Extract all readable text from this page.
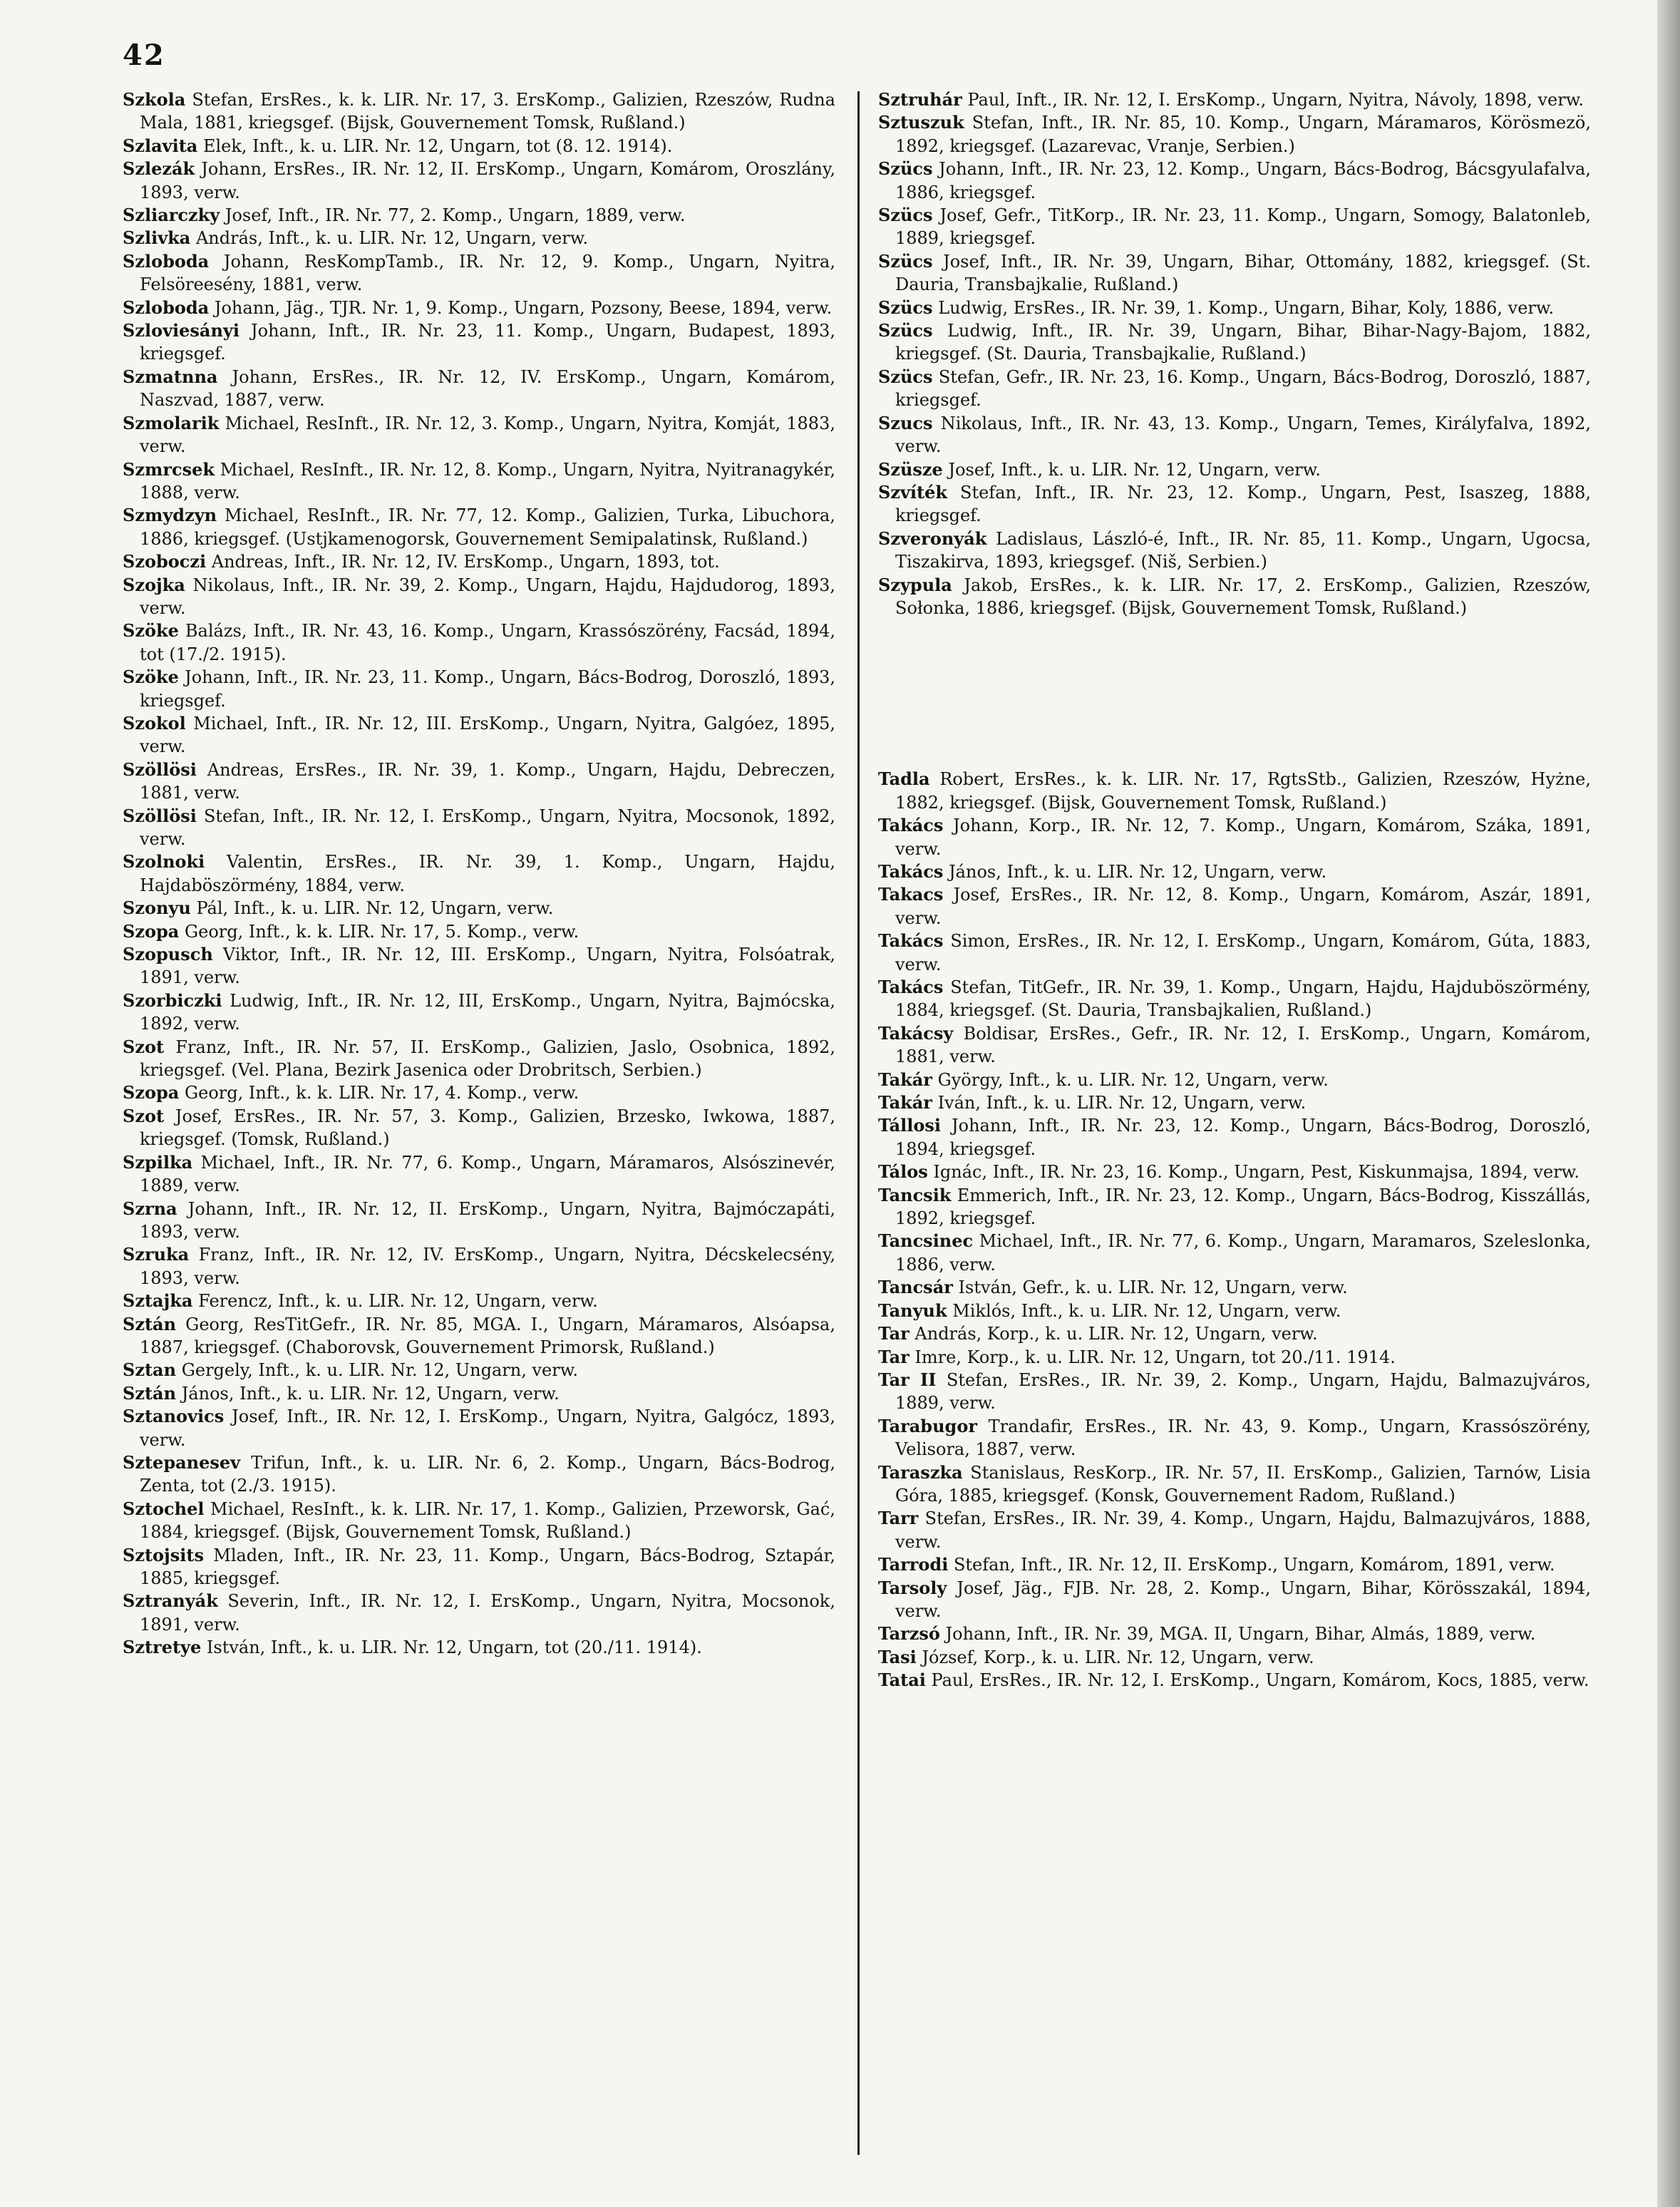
42
Szkola Stefan, ErsRes., k. k. LIR. Nr. 17, 3. ErsKomp., Galizien, Rzeszów, Rudna Mala, 1881, kriegsgef. (Bijsk, Gouvernement Tomsk, Rußland.)
Szlavita Elek, Inft., k. u. LIR. Nr. 12, Ungarn, tot (8. 12. 1914).
Szlezák Johann, ErsRes., IR. Nr. 12, II. ErsKomp., Ungarn, Komárom, Oroszlány, 1893, verw.
Szliarczky Josef, Inft., IR. Nr. 77, 2. Komp., Ungarn, 1889, verw.
Szlivka András, Inft., k. u. LIR. Nr. 12, Ungarn, verw.
Szloboda Johann, ResKompTamb., IR. Nr. 12, 9. Komp., Ungarn, Nyitra, Felsöreesény, 1881, verw.
Szloboda Johann, Jäg., TJR. Nr. 1, 9. Komp., Ungarn, Pozsony, Beese, 1894, verw.
Szloviesányi Johann, Inft., IR. Nr. 23, 11. Komp., Ungarn, Budapest, 1893, kriegsgef.
Szmatnna Johann, ErsRes., IR. Nr. 12, IV. ErsKomp., Ungarn, Komárom, Naszvad, 1887, verw.
Szmolarik Michael, ResInft., IR. Nr. 12, 3. Komp., Ungarn, Nyitra, Komját, 1883, verw.
Szmrcsek Michael, ResInft., IR. Nr. 12, 8. Komp., Ungarn, Nyitra, Nyitranagykér, 1888, verw.
Szmydzyn Michael, ResInft., IR. Nr. 77, 12. Komp., Galizien, Turka, Libuchora, 1886, kriegsgef. (Ustjkamenogorsk, Gouvernement Semipalatinsk, Rußland.)
Szoboczi Andreas, Inft., IR. Nr. 12, IV. ErsKomp., Ungarn, 1893, tot.
Szojka Nikolaus, Inft., IR. Nr. 39, 2. Komp., Ungarn, Hajdu, Hajdudorog, 1893, verw.
Szöke Balázs, Inft., IR. Nr. 43, 16. Komp., Ungarn, Krassószörény, Facsád, 1894, tot (17./2. 1915).
Szöke Johann, Inft., IR. Nr. 23, 11. Komp., Ungarn, Bács-Bodrog, Doroszló, 1893, kriegsgef.
Szokol Michael, Inft., IR. Nr. 12, III. ErsKomp., Ungarn, Nyitra, Galgóez, 1895, verw.
Szöllösi Andreas, ErsRes., IR. Nr. 39, 1. Komp., Ungarn, Hajdu, Debreczen, 1881, verw.
Szöllösi Stefan, Inft., IR. Nr. 12, I. ErsKomp., Ungarn, Nyitra, Mocsonok, 1892, verw.
Szolnoki Valentin, ErsRes., IR. Nr. 39, 1. Komp., Ungarn, Hajdu, Hajdaböszörmény, 1884, verw.
Szonyu Pál, Inft., k. u. LIR. Nr. 12, Ungarn, verw.
Szopa Georg, Inft., k. k. LIR. Nr. 17, 5. Komp., verw.
Szopusch Viktor, Inft., IR. Nr. 12, III. ErsKomp., Ungarn, Nyitra, Folsóatrak, 1891, verw.
Szorbiczki Ludwig, Inft., IR. Nr. 12, III, ErsKomp., Ungarn, Nyitra, Bajmócska, 1892, verw.
Szot Franz, Inft., IR. Nr. 57, II. ErsKomp., Galizien, Jaslo, Osobnica, 1892, kriegsgef. (Vel. Plana, Bezirk Jasenica oder Drobritsch, Serbien.)
Szopa Georg, Inft., k. k. LIR. Nr. 17, 4. Komp., verw.
Szot Josef, ErsRes., IR. Nr. 57, 3. Komp., Galizien, Brzesko, Iwkowa, 1887, kriegsgef. (Tomsk, Rußland.)
Szpilka Michael, Inft., IR. Nr. 77, 6. Komp., Ungarn, Máramaros, Alsószinevér, 1889, verw.
Szrna Johann, Inft., IR. Nr. 12, II. ErsKomp., Ungarn, Nyitra, Bajmóczapáti, 1893, verw.
Szruka Franz, Inft., IR. Nr. 12, IV. ErsKomp., Ungarn, Nyitra, Décskelecsény, 1893, verw.
Sztajka Ferencz, Inft., k. u. LIR. Nr. 12, Ungarn, verw.
Sztán Georg, ResTitGefr., IR. Nr. 85, MGA. I., Ungarn, Máramaros, Alsóapsa, 1887, kriegsgef. (Chaborovsk, Gouvernement Primorsk, Rußland.)
Sztan Gergely, Inft., k. u. LIR. Nr. 12, Ungarn, verw.
Sztán János, Inft., k. u. LIR. Nr. 12, Ungarn, verw.
Sztanovics Josef, Inft., IR. Nr. 12, I. ErsKomp., Ungarn, Nyitra, Galgócz, 1893, verw.
Sztepanesev Trifun, Inft., k. u. LIR. Nr. 6, 2. Komp., Ungarn, Bács-Bodrog, Zenta, tot (2./3. 1915).
Sztochel Michael, ResInft., k. k. LIR. Nr. 17, 1. Komp., Galizien, Przeworsk, Gać, 1884, kriegsgef. (Bijsk, Gouvernement Tomsk, Rußland.)
Sztojsits Mladen, Inft., IR. Nr. 23, 11. Komp., Ungarn, Bács-Bodrog, Sztapár, 1885, kriegsgef.
Sztranyák Severin, Inft., IR. Nr. 12, I. ErsKomp., Ungarn, Nyitra, Mocsonok, 1891, verw.
Sztretye István, Inft., k. u. LIR. Nr. 12, Ungarn, tot (20./11. 1914).
Sztruhár Paul, Inft., IR. Nr. 12, I. ErsKomp., Ungarn, Nyitra, Návoly, 1898, verw.
Sztuszuk Stefan, Inft., IR. Nr. 85, 10. Komp., Ungarn, Máramaros, Körösmezö, 1892, kriegsgef. (Lazarevac, Vranje, Serbien.)
Szücs Johann, Inft., IR. Nr. 23, 12. Komp., Ungarn, Bács-Bodrog, Bácsgyulafalva, 1886, kriegsgef.
Szücs Josef, Gefr., TitKorp., IR. Nr. 23, 11. Komp., Ungarn, Somogy, Balatonleb, 1889, kriegsgef.
Szücs Josef, Inft., IR. Nr. 39, Ungarn, Bihar, Ottomány, 1882, kriegsgef. (St. Dauria, Transbajkalie, Rußland.)
Szücs Ludwig, ErsRes., IR. Nr. 39, 1. Komp., Ungarn, Bihar, Koly, 1886, verw.
Szücs Ludwig, Inft., IR. Nr. 39, Ungarn, Bihar, Bihar-Nagy-Bajom, 1882, kriegsgef. (St. Dauria, Transbajkalie, Rußland.)
Szücs Stefan, Gefr., IR. Nr. 23, 16. Komp., Ungarn, Bács-Bodrog, Doroszló, 1887, kriegsgef.
Szucs Nikolaus, Inft., IR. Nr. 43, 13. Komp., Ungarn, Temes, Királyfalva, 1892, verw.
Szüsze Josef, Inft., k. u. LIR. Nr. 12, Ungarn, verw.
Szvíték Stefan, Inft., IR. Nr. 23, 12. Komp., Ungarn, Pest, Isaszeg, 1888, kriegsgef.
Szveronyák Ladislaus, László-é, Inft., IR. Nr. 85, 11. Komp., Ungarn, Ugocsa, Tiszakirva, 1893, kriegsgef. (Niš, Serbien.)
Szypula Jakob, ErsRes., k. k. LIR. Nr. 17, 2. ErsKomp., Galizien, Rzeszów, Sołonka, 1886, kriegsgef. (Bijsk, Gouvernement Tomsk, Rußland.)
Tadla Robert, ErsRes., k. k. LIR. Nr. 17, RgtsStb., Galizien, Rzeszów, Hyżne, 1882, kriegsgef. (Bijsk, Gouvernement Tomsk, Rußland.)
Takács Johann, Korp., IR. Nr. 12, 7. Komp., Ungarn, Komárom, Száka, 1891, verw.
Takács János, Inft., k. u. LIR. Nr. 12, Ungarn, verw.
Takacs Josef, ErsRes., IR. Nr. 12, 8. Komp., Ungarn, Komárom, Aszár, 1891, verw.
Takács Simon, ErsRes., IR. Nr. 12, I. ErsKomp., Ungarn, Komárom, Gúta, 1883, verw.
Takács Stefan, TitGefr., IR. Nr. 39, 1. Komp., Ungarn, Hajdu, Hajduböszörmény, 1884, kriegsgef. (St. Dauria, Transbajkalien, Rußland.)
Takácsy Boldisar, ErsRes., Gefr., IR. Nr. 12, I. ErsKomp., Ungarn, Komárom, 1881, verw.
Takár György, Inft., k. u. LIR. Nr. 12, Ungarn, verw.
Takár Iván, Inft., k. u. LIR. Nr. 12, Ungarn, verw.
Tállosi Johann, Inft., IR. Nr. 23, 12. Komp., Ungarn, Bács-Bodrog, Doroszló, 1894, kriegsgef.
Tálos Ignác, Inft., IR. Nr. 23, 16. Komp., Ungarn, Pest, Kiskunmajsa, 1894, verw.
Tancsik Emmerich, Inft., IR. Nr. 23, 12. Komp., Ungarn, Bács-Bodrog, Kisszállás, 1892, kriegsgef.
Tancsinec Michael, Inft., IR. Nr. 77, 6. Komp., Ungarn, Maramaros, Szeleslonka, 1886, verw.
Tancsár István, Gefr., k. u. LIR. Nr. 12, Ungarn, verw.
Tanyuk Miklós, Inft., k. u. LIR. Nr. 12, Ungarn, verw.
Tar András, Korp., k. u. LIR. Nr. 12, Ungarn, verw.
Tar Imre, Korp., k. u. LIR. Nr. 12, Ungarn, tot 20./11. 1914.
Tar II Stefan, ErsRes., IR. Nr. 39, 2. Komp., Ungarn, Hajdu, Balmazujváros, 1889, verw.
Tarabugor Trandafir, ErsRes., IR. Nr. 43, 9. Komp., Ungarn, Krassószörény, Velisora, 1887, verw.
Taraszka Stanislaus, ResKorp., IR. Nr. 57, II. ErsKomp., Galizien, Tarnów, Lisia Góra, 1885, kriegsgef. (Konsk, Gouvernement Radom, Rußland.)
Tarr Stefan, ErsRes., IR. Nr. 39, 4. Komp., Ungarn, Hajdu, Balmazujváros, 1888, verw.
Tarrodi Stefan, Inft., IR. Nr. 12, II. ErsKomp., Ungarn, Komárom, 1891, verw.
Tarsoly Josef, Jäg., FJB. Nr. 28, 2. Komp., Ungarn, Bihar, Körösszakál, 1894, verw.
Tarzsó Johann, Inft., IR. Nr. 39, MGA. II, Ungarn, Bihar, Almás, 1889, verw.
Tasi József, Korp., k. u. LIR. Nr. 12, Ungarn, verw.
Tatai Paul, ErsRes., IR. Nr. 12, I. ErsKomp., Ungarn, Komárom, Kocs, 1885, verw.
